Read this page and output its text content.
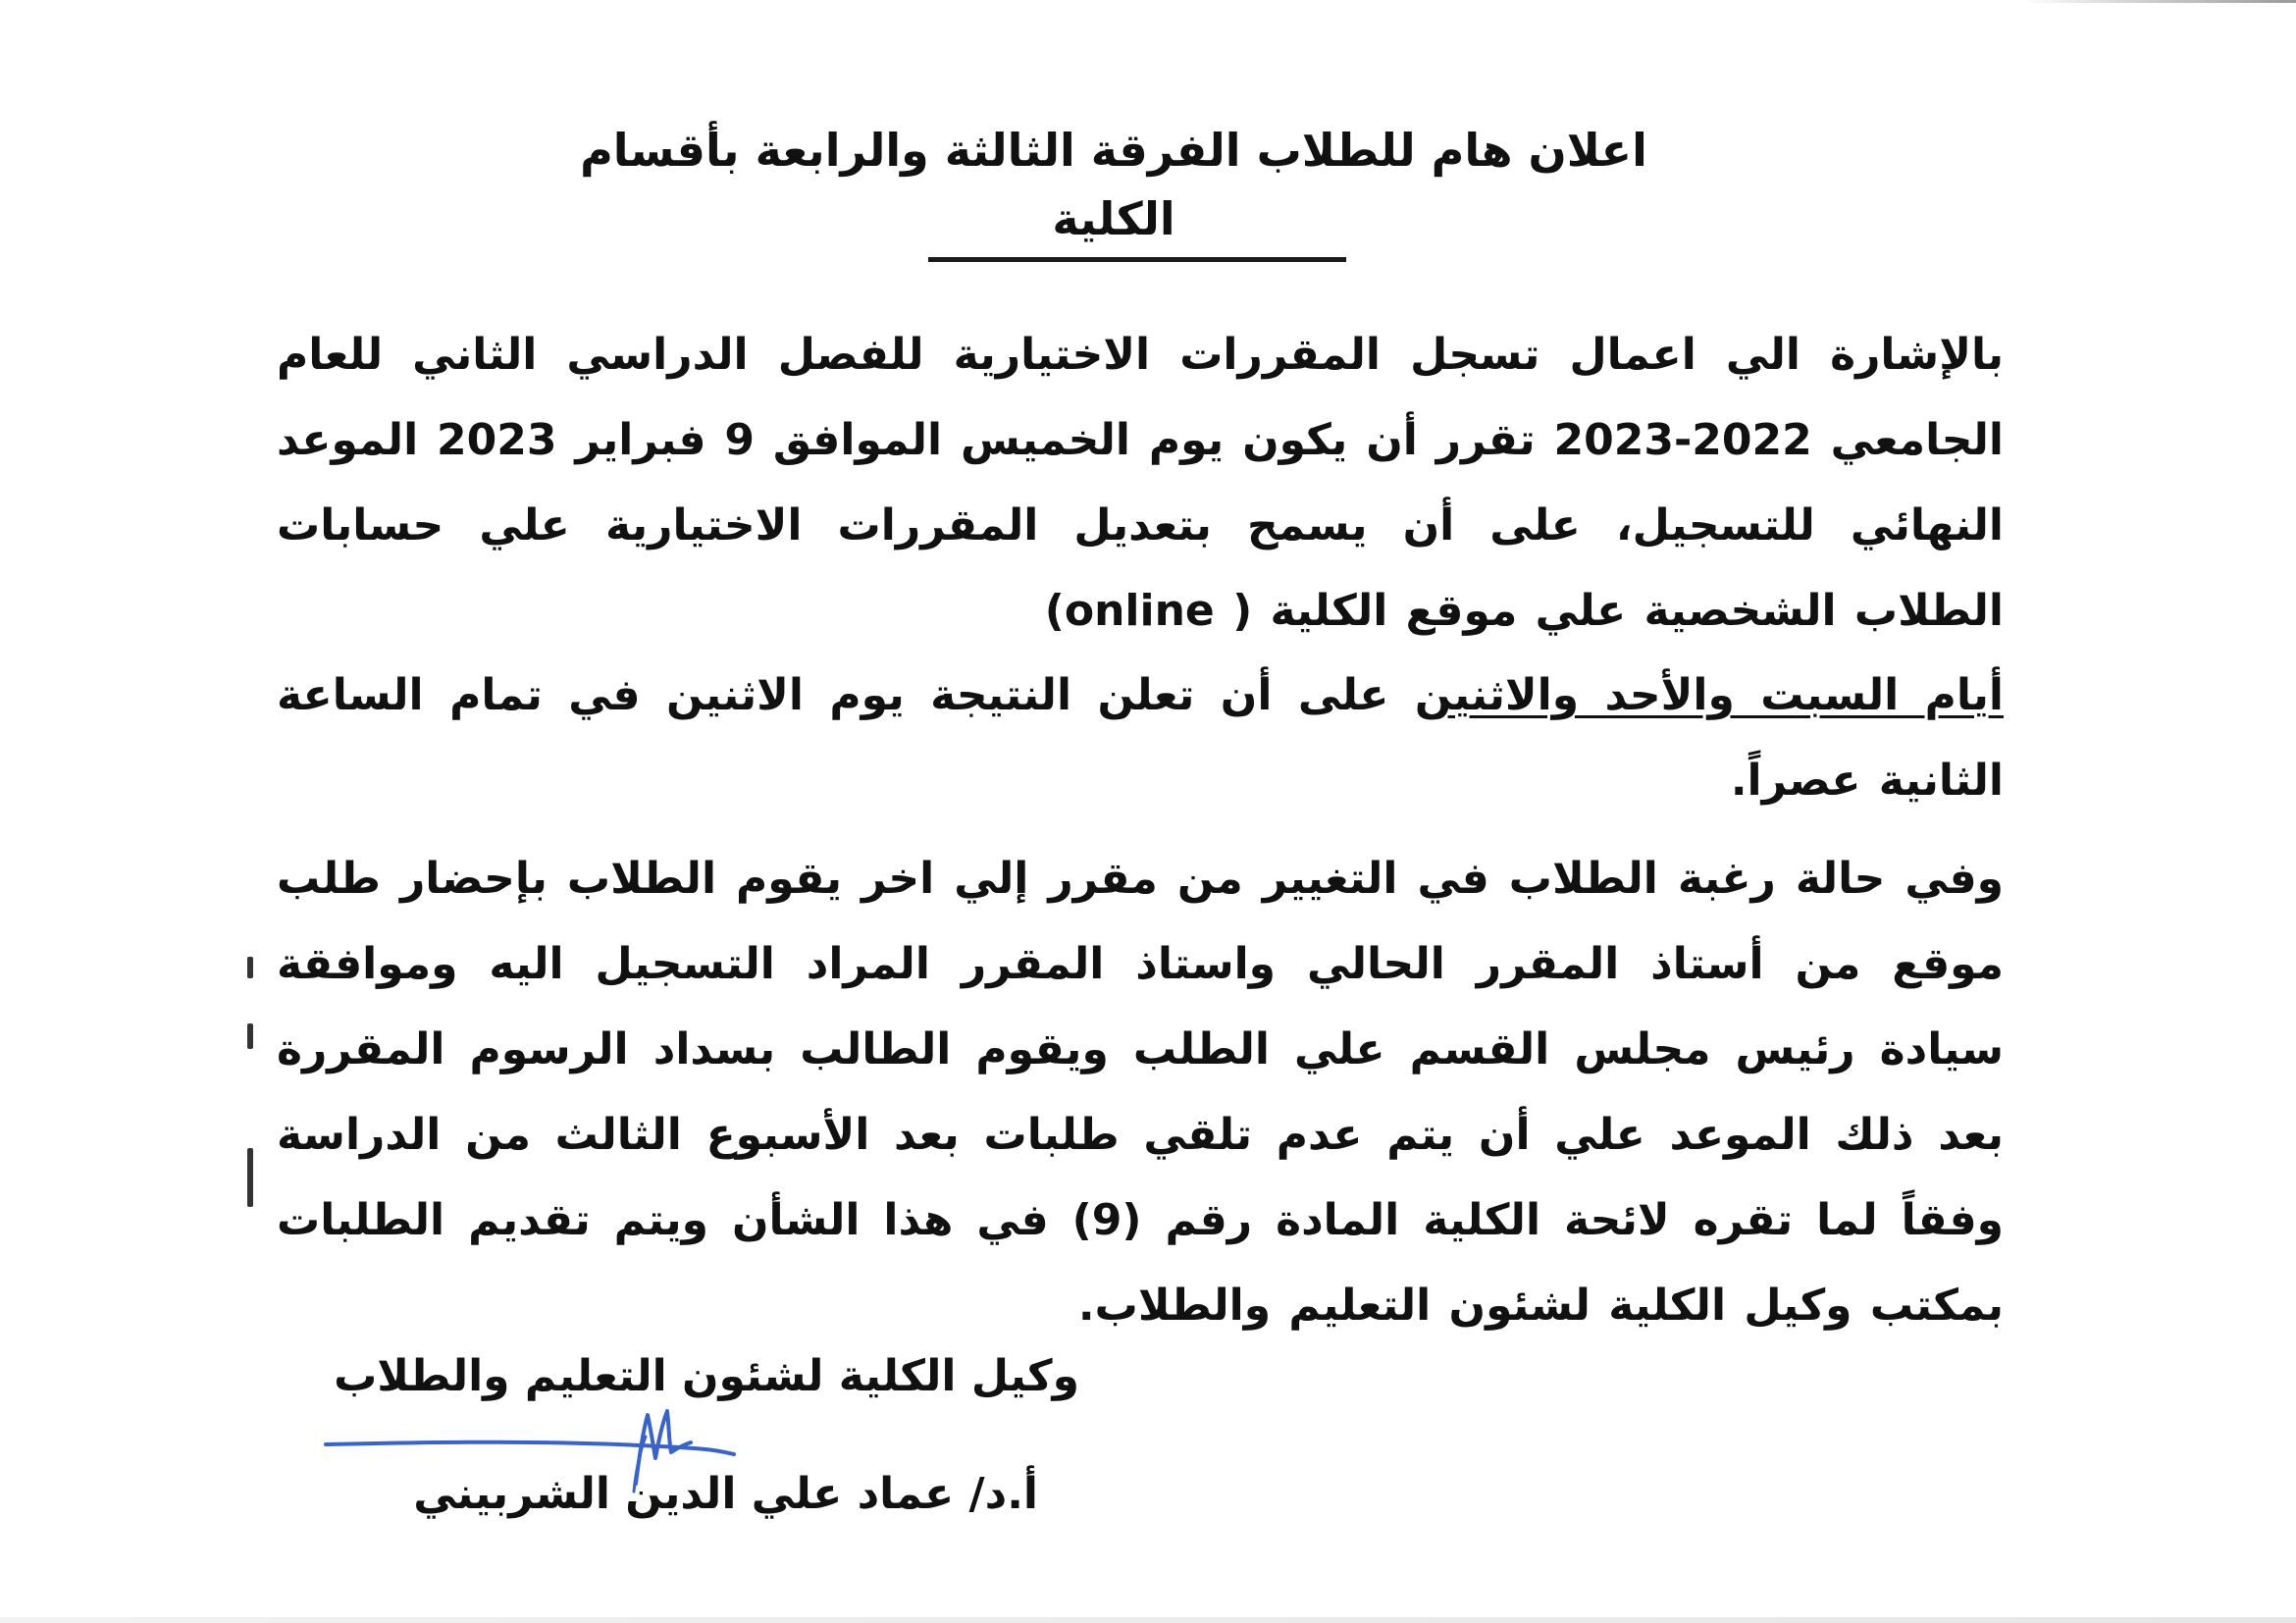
اعلان هام للطلاب الفرقة الثالثة والرابعة بأقسام الكلية
بالإشارة الي اعمال تسجل المقررات الاختيارية للفصل الدراسي الثاني للعام الجامعي 2022-2023 تقرر أن يكون يوم الخميس الموافق 9 فبراير 2023 الموعد النهائي للتسجيل، على أن يسمح بتعديل المقررات الاختيارية علي حسابات الطلاب الشخصية علي موقع الكلية ( online)
أيام السبت والأحد والاثنين على أن تعلن النتيجة يوم الاثنين في تمام الساعة الثانية عصراً.
وفي حالة رغبة الطلاب في التغيير من مقرر إلي اخر يقوم الطلاب بإحضار طلب موقع من أستاذ المقرر الحالي واستاذ المقرر المراد التسجيل اليه وموافقة سيادة رئيس مجلس القسم علي الطلب ويقوم الطالب بسداد الرسوم المقررة بعد ذلك الموعد علي أن يتم عدم تلقي طلبات بعد الأسبوع الثالث من الدراسة وفقاً لما تقره لائحة الكلية المادة رقم (9) في هذا الشأن ويتم تقديم الطلبات بمكتب وكيل الكلية لشئون التعليم والطلاب.
وكيل الكلية لشئون التعليم والطلاب
أ.د/ عماد علي الدين الشربيني
